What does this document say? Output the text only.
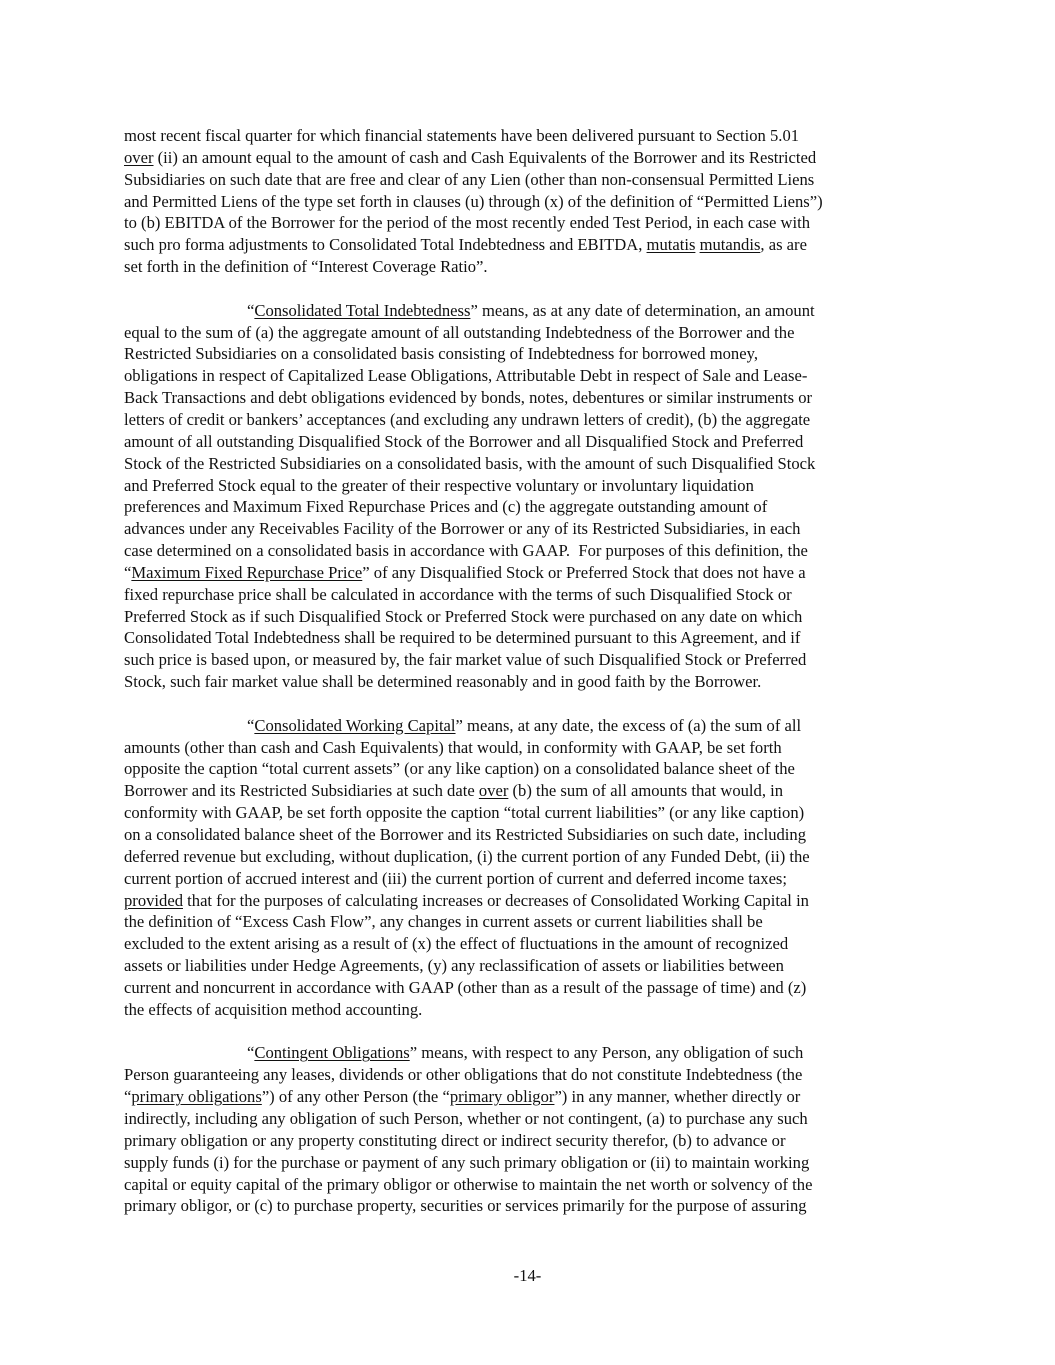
most recent fiscal quarter for which financial statements have been delivered pursuant to Section 5.01
over (ii) an amount equal to the amount of cash and Cash Equivalents of the Borrower and its Restricted
Subsidiaries on such date that are free and clear of any Lien (other than non-consensual Permitted Liens
and Permitted Liens of the type set forth in clauses (u) through (x) of the definition of “Permitted Liens”)
to (b) EBITDA of the Borrower for the period of the most recently ended Test Period, in each case with
such pro forma adjustments to Consolidated Total Indebtedness and EBITDA, mutatis mutandis, as are
set forth in the definition of “Interest Coverage Ratio”.
“Consolidated Total Indebtedness” means, as at any date of determination, an amount
equal to the sum of (a) the aggregate amount of all outstanding Indebtedness of the Borrower and the
Restricted Subsidiaries on a consolidated basis consisting of Indebtedness for borrowed money,
obligations in respect of Capitalized Lease Obligations, Attributable Debt in respect of Sale and Lease-
Back Transactions and debt obligations evidenced by bonds, notes, debentures or similar instruments or
letters of credit or bankers’ acceptances (and excluding any undrawn letters of credit), (b) the aggregate
amount of all outstanding Disqualified Stock of the Borrower and all Disqualified Stock and Preferred
Stock of the Restricted Subsidiaries on a consolidated basis, with the amount of such Disqualified Stock
and Preferred Stock equal to the greater of their respective voluntary or involuntary liquidation
preferences and Maximum Fixed Repurchase Prices and (c) the aggregate outstanding amount of
advances under any Receivables Facility of the Borrower or any of its Restricted Subsidiaries, in each
case determined on a consolidated basis in accordance with GAAP.  For purposes of this definition, the
“Maximum Fixed Repurchase Price” of any Disqualified Stock or Preferred Stock that does not have a
fixed repurchase price shall be calculated in accordance with the terms of such Disqualified Stock or
Preferred Stock as if such Disqualified Stock or Preferred Stock were purchased on any date on which
Consolidated Total Indebtedness shall be required to be determined pursuant to this Agreement, and if
such price is based upon, or measured by, the fair market value of such Disqualified Stock or Preferred
Stock, such fair market value shall be determined reasonably and in good faith by the Borrower.
“Consolidated Working Capital” means, at any date, the excess of (a) the sum of all
amounts (other than cash and Cash Equivalents) that would, in conformity with GAAP, be set forth
opposite the caption “total current assets” (or any like caption) on a consolidated balance sheet of the
Borrower and its Restricted Subsidiaries at such date over (b) the sum of all amounts that would, in
conformity with GAAP, be set forth opposite the caption “total current liabilities” (or any like caption)
on a consolidated balance sheet of the Borrower and its Restricted Subsidiaries on such date, including
deferred revenue but excluding, without duplication, (i) the current portion of any Funded Debt, (ii) the
current portion of accrued interest and (iii) the current portion of current and deferred income taxes;
provided that for the purposes of calculating increases or decreases of Consolidated Working Capital in
the definition of “Excess Cash Flow”, any changes in current assets or current liabilities shall be
excluded to the extent arising as a result of (x) the effect of fluctuations in the amount of recognized
assets or liabilities under Hedge Agreements, (y) any reclassification of assets or liabilities between
current and noncurrent in accordance with GAAP (other than as a result of the passage of time) and (z)
the effects of acquisition method accounting.
“Contingent Obligations” means, with respect to any Person, any obligation of such
Person guaranteeing any leases, dividends or other obligations that do not constitute Indebtedness (the
“primary obligations”) of any other Person (the “primary obligor”) in any manner, whether directly or
indirectly, including any obligation of such Person, whether or not contingent, (a) to purchase any such
primary obligation or any property constituting direct or indirect security therefor, (b) to advance or
supply funds (i) for the purchase or payment of any such primary obligation or (ii) to maintain working
capital or equity capital of the primary obligor or otherwise to maintain the net worth or solvency of the
primary obligor, or (c) to purchase property, securities or services primarily for the purpose of assuring
-14-
